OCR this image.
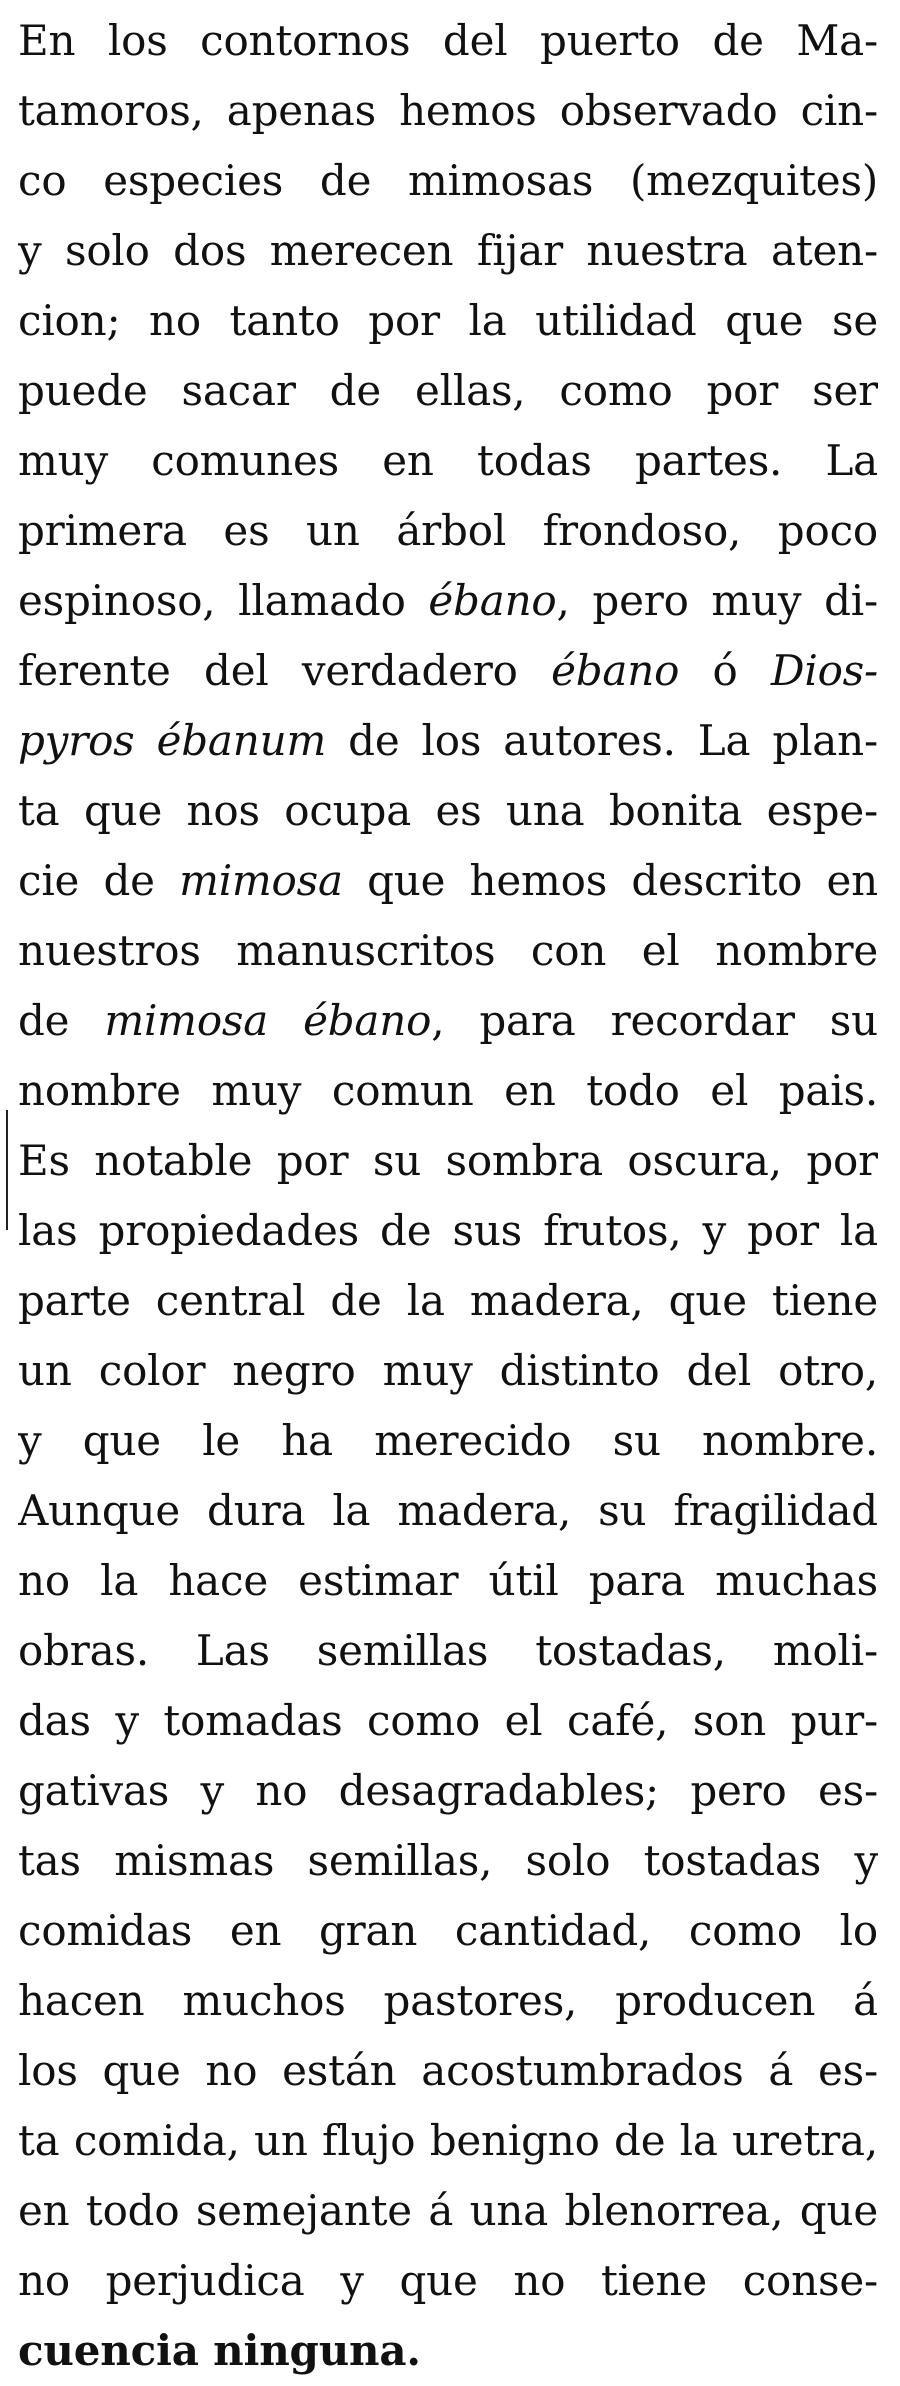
En los contornos del puerto de Ma-
tamoros, apenas hemos observado cin-
co especies de mimosas (mezquites)
y solo dos merecen fijar nuestra aten-
cion; no tanto por la utilidad que se
puede sacar de ellas, como por ser
muy comunes en todas partes. La
primera es un árbol frondoso, poco
espinoso, llamado ébano, pero muy di-
ferente del verdadero ébano ó Dios-
pyros ébanum de los autores. La plan-
ta que nos ocupa es una bonita espe-
cie de mimosa que hemos descrito en
nuestros manuscritos con el nombre
de mimosa ébano, para recordar su
nombre muy comun en todo el pais.
Es notable por su sombra oscura, por
las propiedades de sus frutos, y por la
parte central de la madera, que tiene
un color negro muy distinto del otro,
y que le ha merecido su nombre.
Aunque dura la madera, su fragilidad
no la hace estimar útil para muchas
obras. Las semillas tostadas, moli-
das y tomadas como el café, son pur-
gativas y no desagradables; pero es-
tas mismas semillas, solo tostadas y
comidas en gran cantidad, como lo
hacen muchos pastores, producen á
los que no están acostumbrados á es-
ta comida, un flujo benigno de la uretra,
en todo semejante á una blenorrea, que
no perjudica y que no tiene conse-
cuencia ninguna.
